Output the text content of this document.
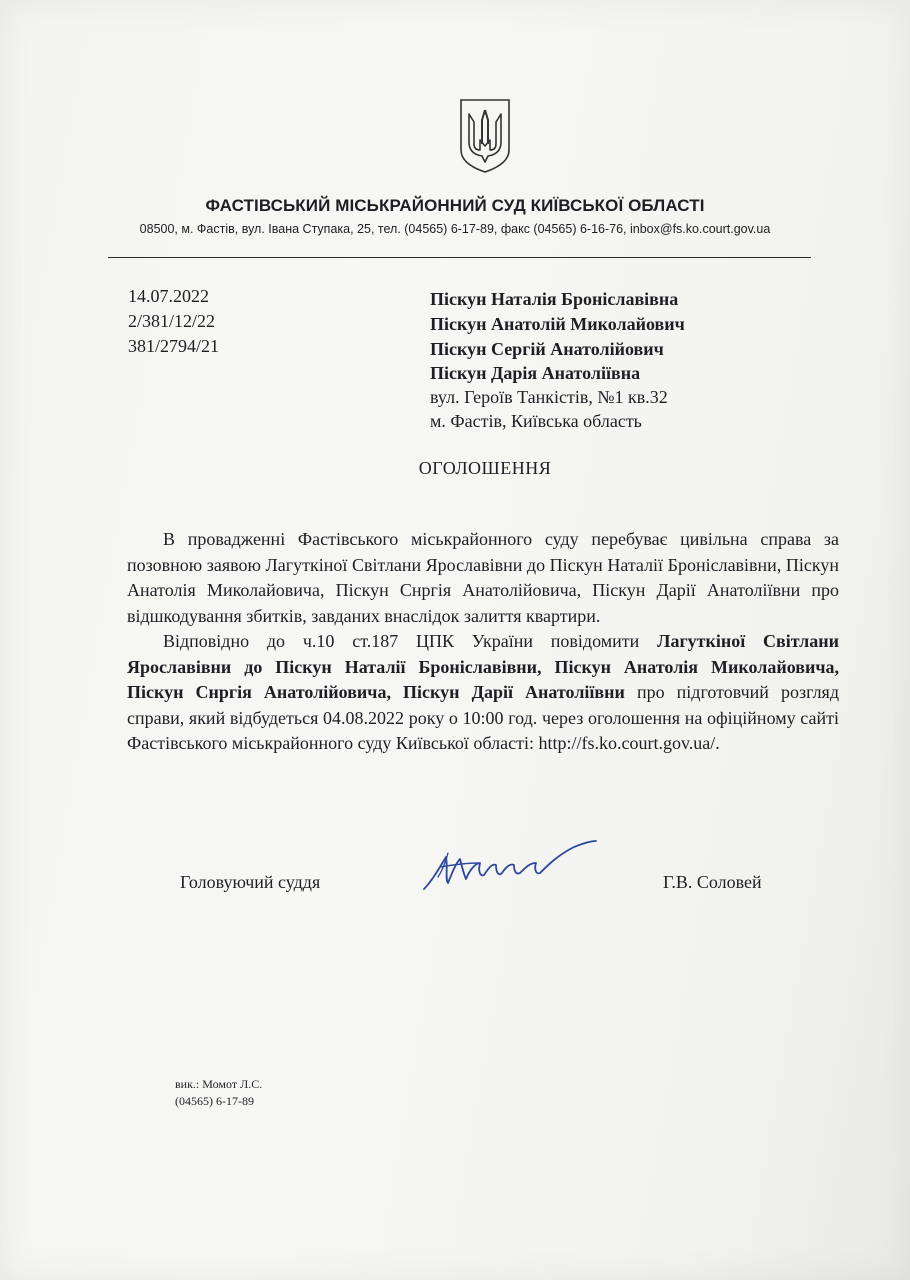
ФАСТІВСЬКИЙ МІСЬКРАЙОННИЙ СУД КИЇВСЬКОЇ ОБЛАСТІ
08500, м. Фастів, вул. Івана Ступака, 25, тел. (04565) 6-17-89, факс (04565) 6-16-76, inbox@fs.ko.court.gov.ua
14.07.2022
2/381/12/22
381/2794/21
Піскун Наталія Броніславівна
Піскун Анатолій Миколайович
Піскун Сергій Анатолійович
Піскун Дарія Анатоліївна
вул. Героїв Танкістів, №1 кв.32
м. Фастів, Київська область
ОГОЛОШЕННЯ

В провадженні Фастівського міськрайонного суду перебуває цивільна справа за позовною заявою Лагуткіної Світлани Ярославівни до Піскун Наталії Броніславівни, Піскун Анатолія Миколайовича, Піскун Снргія Анатолійовича, Піскун Дарії Анатоліївни про відшкодування збитків, завданих внаслідок залиття квартири.

Відповідно до ч.10 ст.187 ЦПК України повідомити Лагуткіної Світлани Ярославівни до Піскун Наталії Броніславівни, Піскун Анатолія Миколайовича, Піскун Снргія Анатолійовича, Піскун Дарії Анатоліївни про підготовчий розгляд справи, який відбудеться 04.08.2022 року о 10:00 год. через оголошення на офіційному сайті Фастівського міськрайонного суду Київської області: http://fs.ko.court.gov.ua/.

Головуючий суддя	Г.В. Соловей
вик.: Момот Л.С.
(04565) 6-17-89
